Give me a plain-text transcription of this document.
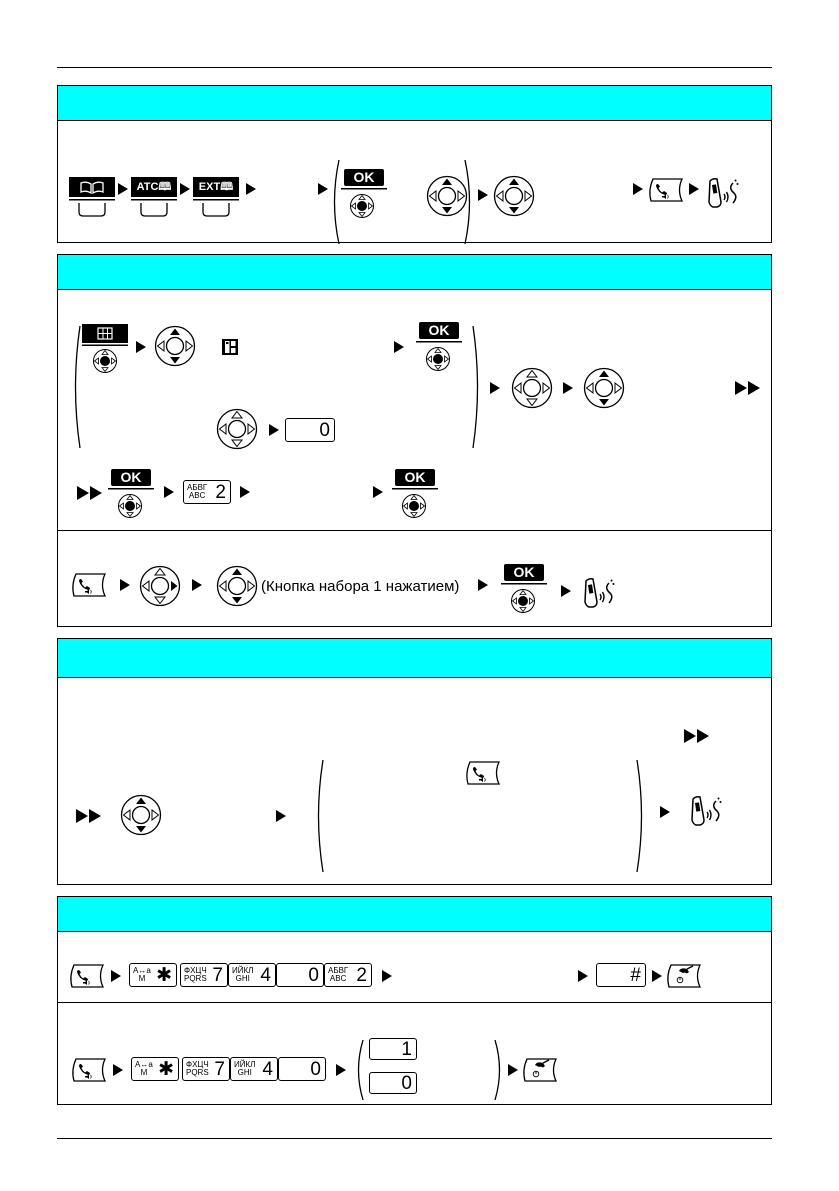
ATC🕮	EXT🕮
OK
OK
0
OK
АБВГ
ABC 2
OK
(Кнопка набора 1 нажатием)
OK
A↔a
M ✱ ФХЦЧ
PQRS 7 ИЙКЛ
GHI 4 0 АБВГ
ABC 2	#
A↔a
M ✱ ФХЦЧ
PQRS 7 ИЙКЛ
GHI 4 0
1
0
